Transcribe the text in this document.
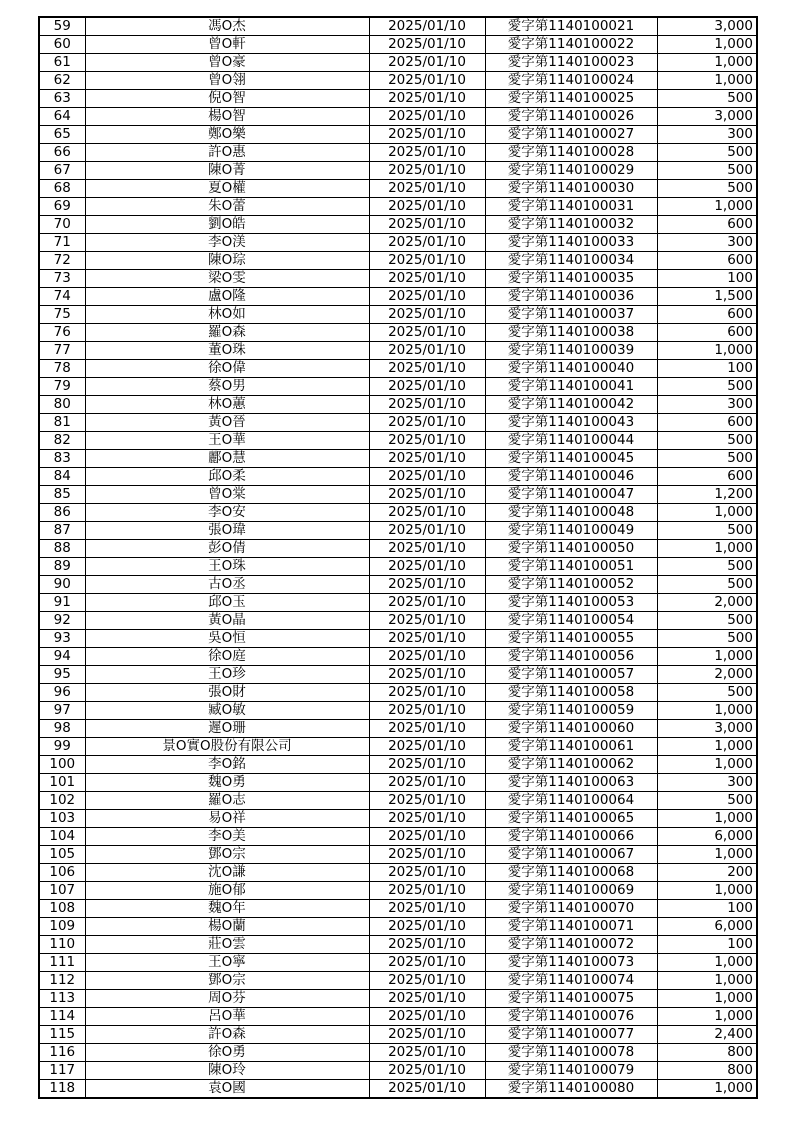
59	馮O杰	2025/01/10	愛字第1140100021	3,000
60	曾O軒	2025/01/10	愛字第1140100022	1,000
61	曾O豪	2025/01/10	愛字第1140100023	1,000
62	曾O翎	2025/01/10	愛字第1140100024	1,000
63	倪O智	2025/01/10	愛字第1140100025	500
64	楊O智	2025/01/10	愛字第1140100026	3,000
65	鄭O樂	2025/01/10	愛字第1140100027	300
66	許O惠	2025/01/10	愛字第1140100028	500
67	陳O菁	2025/01/10	愛字第1140100029	500
68	夏O權	2025/01/10	愛字第1140100030	500
69	朱O蕾	2025/01/10	愛字第1140100031	1,000
70	劉O皓	2025/01/10	愛字第1140100032	600
71	李O渼	2025/01/10	愛字第1140100033	300
72	陳O琮	2025/01/10	愛字第1140100034	600
73	梁O雯	2025/01/10	愛字第1140100035	100
74	盧O隆	2025/01/10	愛字第1140100036	1,500
75	林O如	2025/01/10	愛字第1140100037	600
76	羅O森	2025/01/10	愛字第1140100038	600
77	董O珠	2025/01/10	愛字第1140100039	1,000
78	徐O偉	2025/01/10	愛字第1140100040	100
79	蔡O男	2025/01/10	愛字第1140100041	500
80	林O蕙	2025/01/10	愛字第1140100042	300
81	黃O晉	2025/01/10	愛字第1140100043	600
82	王O華	2025/01/10	愛字第1140100044	500
83	酈O慧	2025/01/10	愛字第1140100045	500
84	邱O柔	2025/01/10	愛字第1140100046	600
85	曾O棠	2025/01/10	愛字第1140100047	1,200
86	李O安	2025/01/10	愛字第1140100048	1,000
87	張O瑋	2025/01/10	愛字第1140100049	500
88	彭O倩	2025/01/10	愛字第1140100050	1,000
89	王O珠	2025/01/10	愛字第1140100051	500
90	古O丞	2025/01/10	愛字第1140100052	500
91	邱O玉	2025/01/10	愛字第1140100053	2,000
92	黃O晶	2025/01/10	愛字第1140100054	500
93	吳O恒	2025/01/10	愛字第1140100055	500
94	徐O庭	2025/01/10	愛字第1140100056	1,000
95	王O珍	2025/01/10	愛字第1140100057	2,000
96	張O財	2025/01/10	愛字第1140100058	500
97	臧O敏	2025/01/10	愛字第1140100059	1,000
98	遲O珊	2025/01/10	愛字第1140100060	3,000
99	景O實O股份有限公司	2025/01/10	愛字第1140100061	1,000
100	李O銘	2025/01/10	愛字第1140100062	1,000
101	魏O勇	2025/01/10	愛字第1140100063	300
102	羅O志	2025/01/10	愛字第1140100064	500
103	易O祥	2025/01/10	愛字第1140100065	1,000
104	李O美	2025/01/10	愛字第1140100066	6,000
105	鄧O宗	2025/01/10	愛字第1140100067	1,000
106	沈O謙	2025/01/10	愛字第1140100068	200
107	施O郁	2025/01/10	愛字第1140100069	1,000
108	魏O年	2025/01/10	愛字第1140100070	100
109	楊O蘭	2025/01/10	愛字第1140100071	6,000
110	莊O雲	2025/01/10	愛字第1140100072	100
111	王O寧	2025/01/10	愛字第1140100073	1,000
112	鄧O宗	2025/01/10	愛字第1140100074	1,000
113	周O芬	2025/01/10	愛字第1140100075	1,000
114	呂O華	2025/01/10	愛字第1140100076	1,000
115	許O森	2025/01/10	愛字第1140100077	2,400
116	徐O勇	2025/01/10	愛字第1140100078	800
117	陳O玲	2025/01/10	愛字第1140100079	800
118	袁O國	2025/01/10	愛字第1140100080	1,000
